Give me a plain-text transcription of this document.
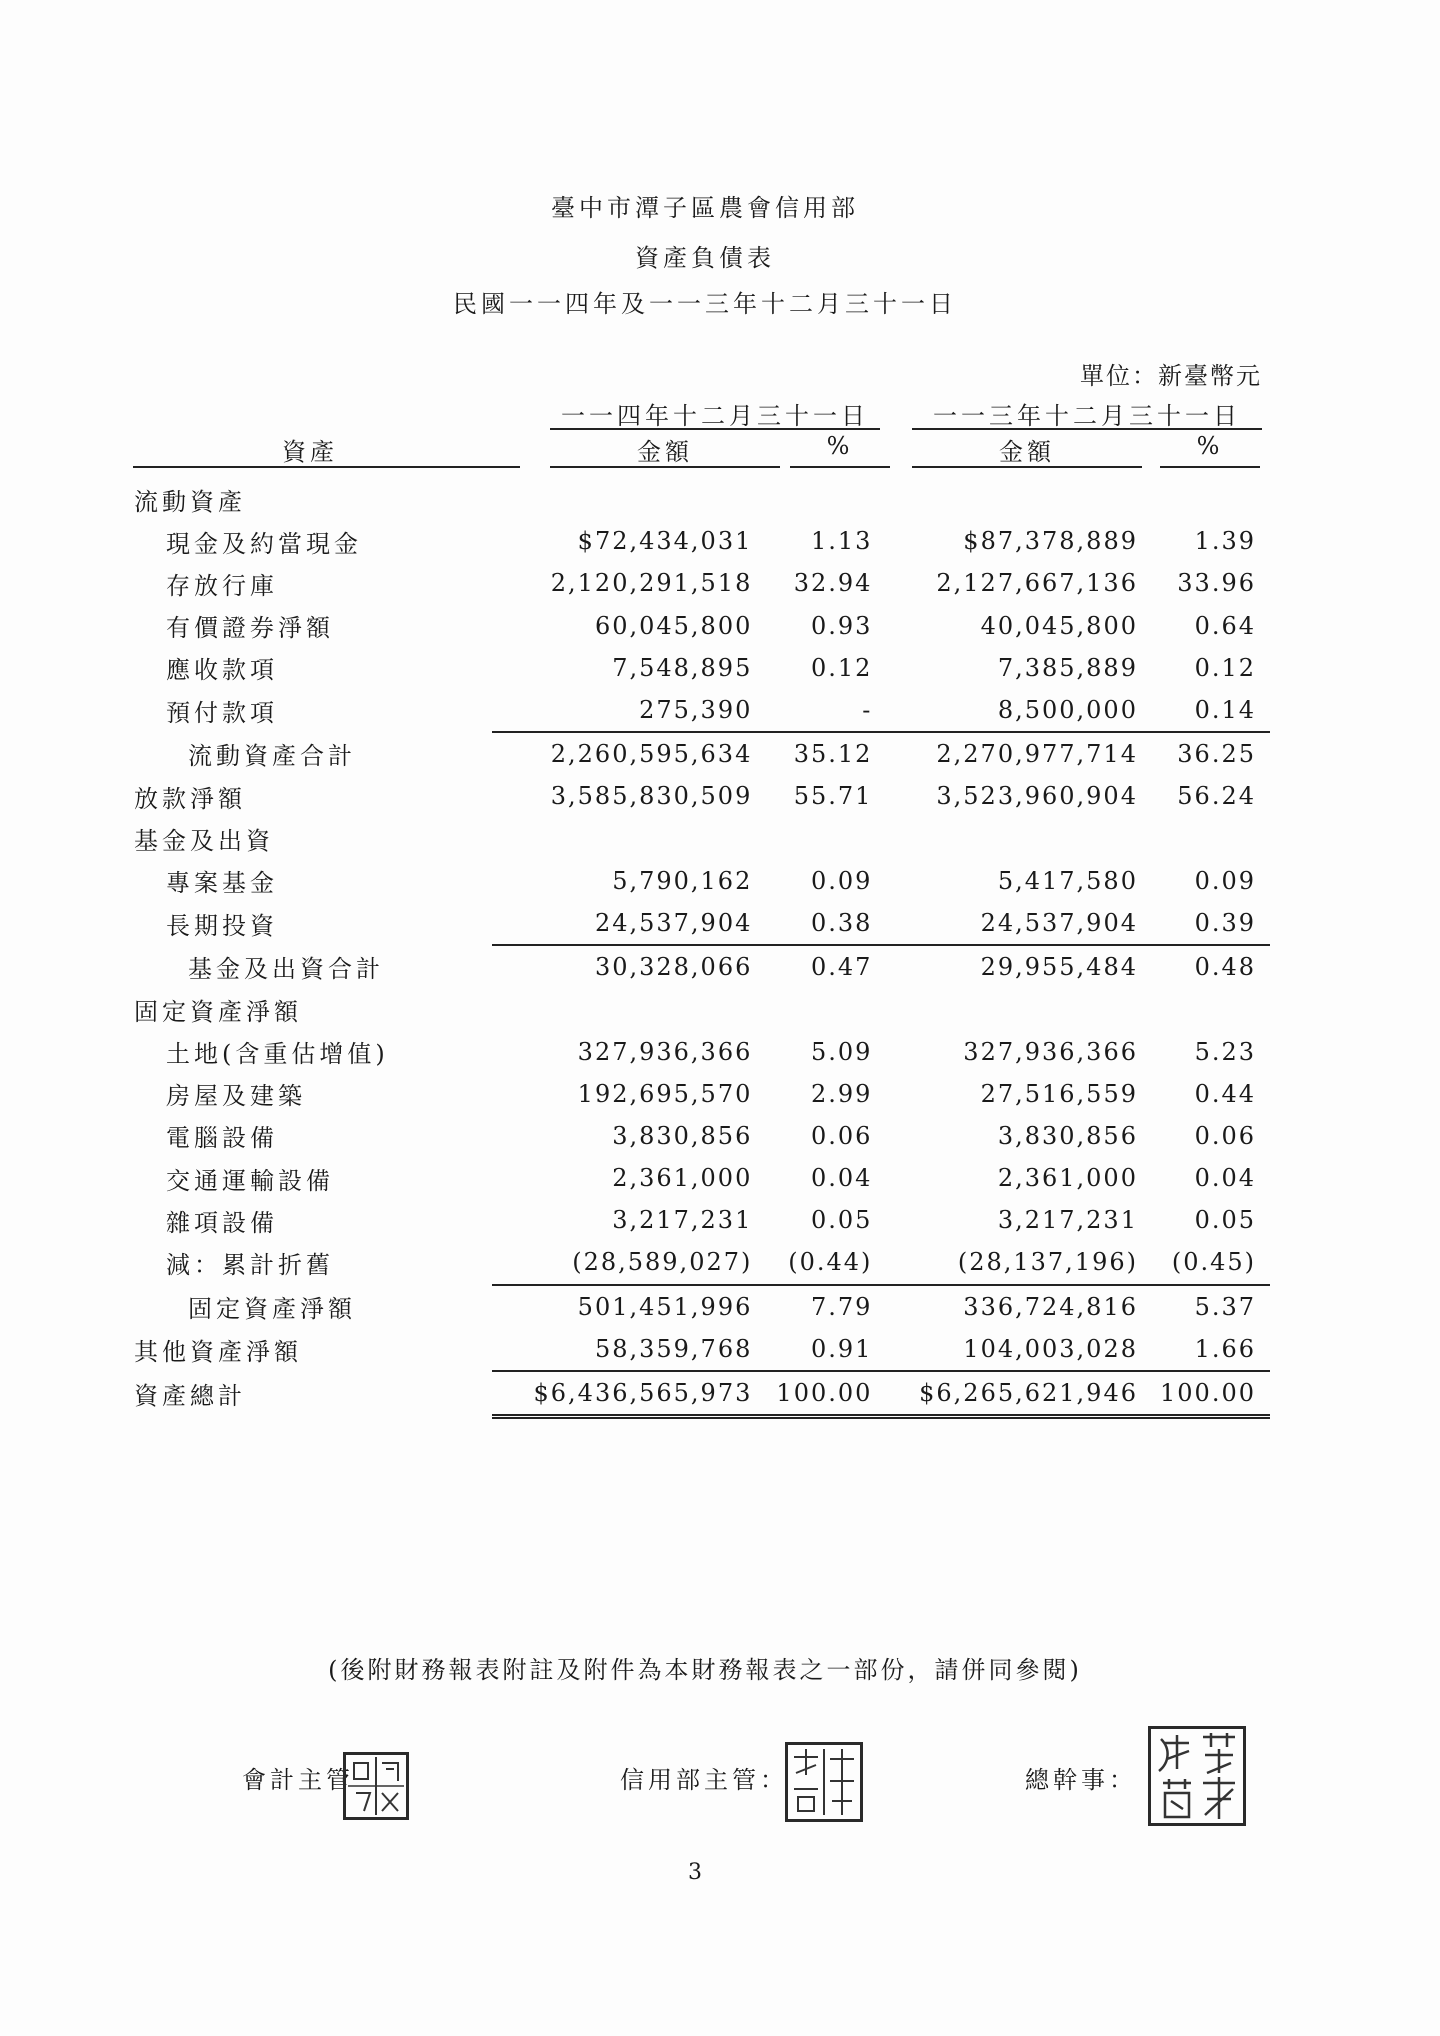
臺中市潭子區農會信用部
資產負債表
民國一一四年及一一三年十二月三十一日
單位：新臺幣元
一一四年十二月三十一日	一一三年十二月三十一日
資產	金額	%	金額	%
流動資產				
現金及約當現金	$72,434,031	1.13	$87,378,889	1.39
存放行庫	2,120,291,518	32.94	2,127,667,136	33.96
有價證券淨額	60,045,800	0.93	40,045,800	0.64
應收款項	7,548,895	0.12	7,385,889	0.12
預付款項	275,390	-	8,500,000	0.14
流動資產合計	2,260,595,634	35.12	2,270,977,714	36.25
放款淨額	3,585,830,509	55.71	3,523,960,904	56.24
基金及出資				
專案基金	5,790,162	0.09	5,417,580	0.09
長期投資	24,537,904	0.38	24,537,904	0.39
基金及出資合計	30,328,066	0.47	29,955,484	0.48
固定資產淨額				
土地(含重估增值)	327,936,366	5.09	327,936,366	5.23
房屋及建築	192,695,570	2.99	27,516,559	0.44
電腦設備	3,830,856	0.06	3,830,856	0.06
交通運輸設備	2,361,000	0.04	2,361,000	0.04
雜項設備	3,217,231	0.05	3,217,231	0.05
減：累計折舊	(28,589,027)	(0.44)	(28,137,196)	(0.45)
固定資產淨額	501,451,996	7.79	336,724,816	5.37
其他資產淨額	58,359,768	0.91	104,003,028	1.66
資產總計	$6,436,565,973	100.00	$6,265,621,946	100.00
(後附財務報表附註及附件為本財務報表之一部份，請併同參閱)
會計主管	信用部主管：	總幹事：
3
